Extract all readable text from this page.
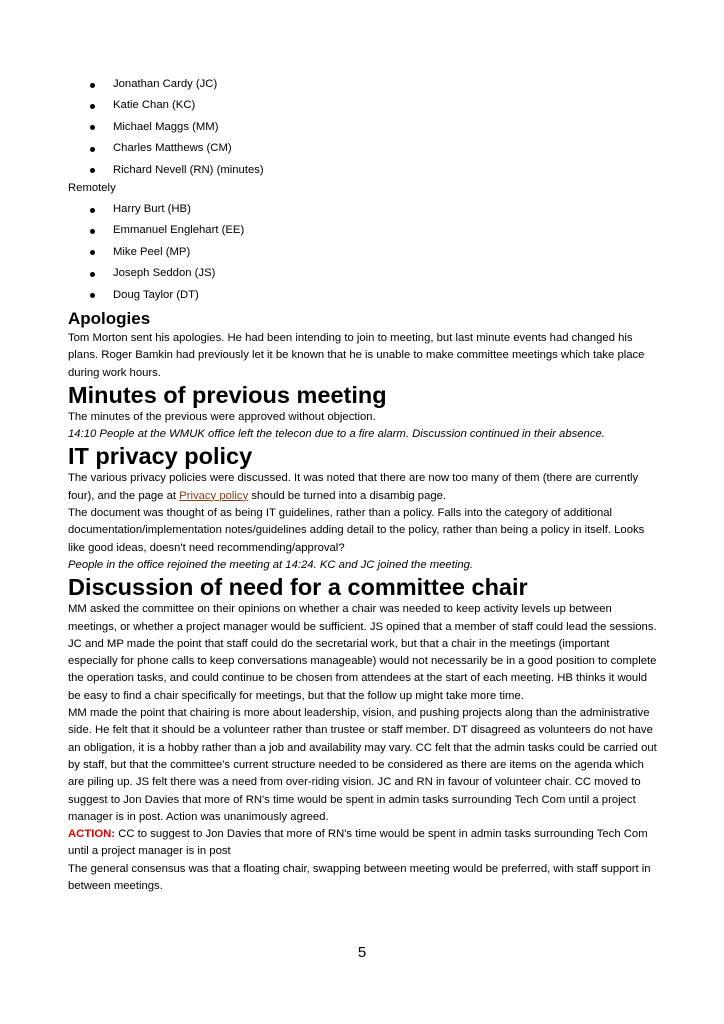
Jonathan Cardy (JC)
Katie Chan (KC)
Michael Maggs (MM)
Charles Matthews (CM)
Richard Nevell (RN) (minutes)
Remotely
Harry Burt (HB)
Emmanuel Englehart (EE)
Mike Peel (MP)
Joseph Seddon (JS)
Doug Taylor (DT)
Apologies

Tom Morton sent his apologies. He had been intending to join to meeting, but last minute events had changed his plans. Roger Bamkin had previously let it be known that he is unable to make committee meetings which take place during work hours.

Minutes of previous meeting

The minutes of the previous were approved without objection.

14:10 People at the WMUK office left the telecon due to a fire alarm. Discussion continued in their absence.

IT privacy policy

The various privacy policies were discussed. It was noted that there are now too many of them (there are currently four), and the page at Privacy policy should be turned into a disambig page.

The document was thought of as being IT guidelines, rather than a policy. Falls into the category of additional documentation/implementation notes/guidelines adding detail to the policy, rather than being a policy in itself. Looks like good ideas, doesn't need recommending/approval?

People in the office rejoined the meeting at 14:24. KC and JC joined the meeting.

Discussion of need for a committee chair

MM asked the committee on their opinions on whether a chair was needed to keep activity levels up between meetings, or whether a project manager would be sufficient. JS opined that a member of staff could lead the sessions. JC and MP made the point that staff could do the secretarial work, but that a chair in the meetings (important especially for phone calls to keep conversations manageable) would not necessarily be in a good position to complete the operation tasks, and could continue to be chosen from attendees at the start of each meeting. HB thinks it would be easy to find a chair specifically for meetings, but that the follow up might take more time.

MM made the point that chairing is more about leadership, vision, and pushing projects along than the administrative side. He felt that it should be a volunteer rather than trustee or staff member. DT disagreed as volunteers do not have an obligation, it is a hobby rather than a job and availability may vary. CC felt that the admin tasks could be carried out by staff, but that the committee's current structure needed to be considered as there are items on the agenda which are piling up. JS felt there was a need from over-riding vision. JC and RN in favour of volunteer chair. CC moved to suggest to Jon Davies that more of RN's time would be spent in admin tasks surrounding Tech Com until a project manager is in post. Action was unanimously agreed.

ACTION: CC to suggest to Jon Davies that more of RN's time would be spent in admin tasks surrounding Tech Com until a project manager is in post

The general consensus was that a floating chair, swapping between meeting would be preferred, with staff support in between meetings.

5
